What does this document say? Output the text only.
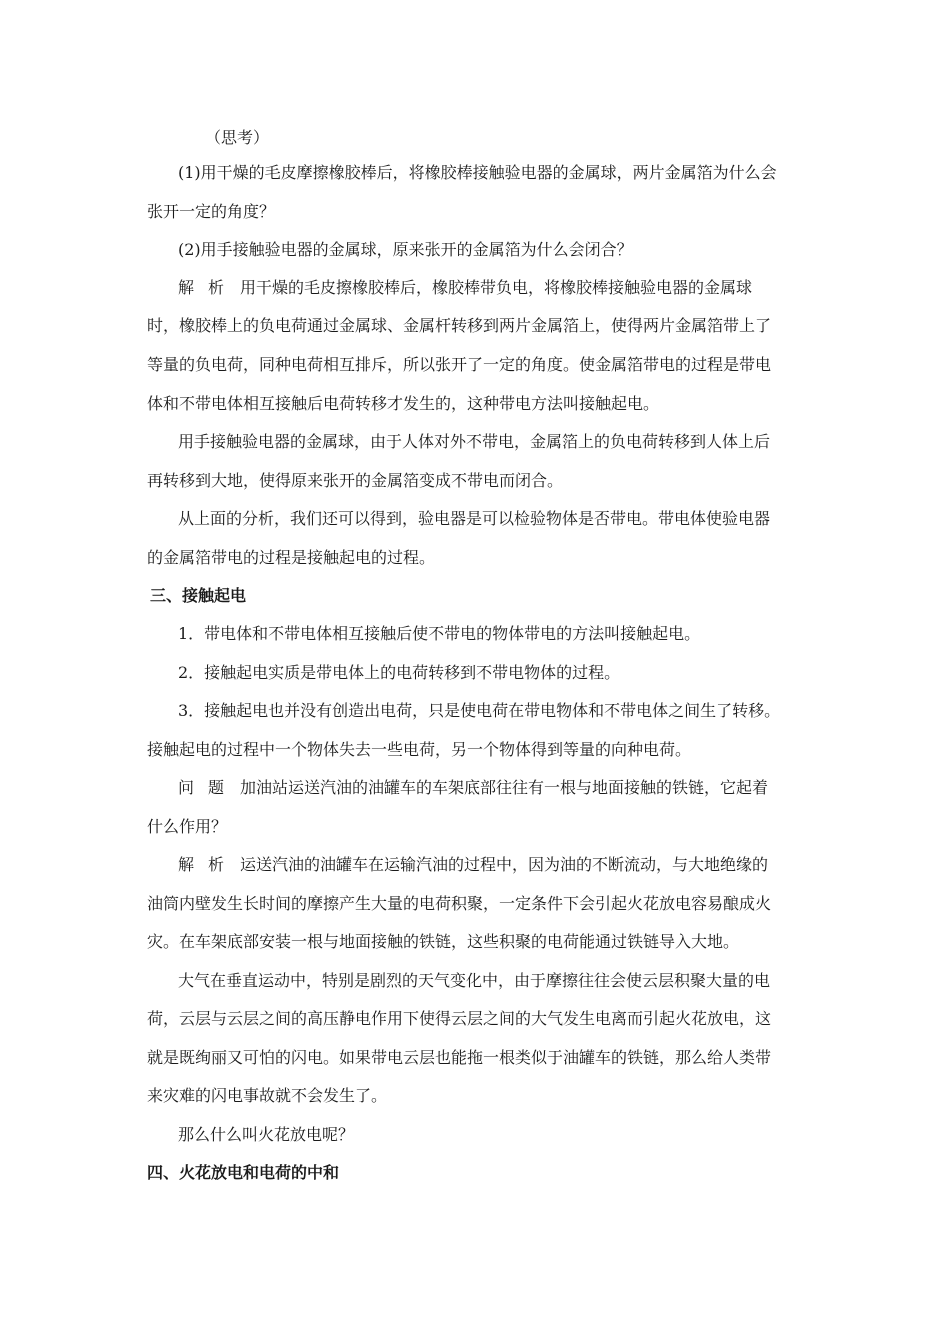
（思考）
(1)用干燥的毛皮摩擦橡胶棒后，将橡胶棒接触验电器的金属球，两片金属箔为什么会
张开一定的角度？
(2)用手接触验电器的金属球，原来张开的金属箔为什么会闭合？
解析 用干燥的毛皮擦橡胶棒后，橡胶棒带负电，将橡胶棒接触验电器的金属球
时，橡胶棒上的负电荷通过金属球、金属杆转移到两片金属箔上，使得两片金属箔带上了
等量的负电荷，同种电荷相互排斥，所以张开了一定的角度。使金属箔带电的过程是带电
体和不带电体相互接触后电荷转移才发生的，这种带电方法叫接触起电。
用手接触验电器的金属球，由于人体对外不带电，金属箔上的负电荷转移到人体上后
再转移到大地，使得原来张开的金属箔变成不带电而闭合。
从上面的分析，我们还可以得到，验电器是可以检验物体是否带电。带电体使验电器
的金属箔带电的过程是接触起电的过程。
三、接触起电
1．带电体和不带电体相互接触后使不带电的物体带电的方法叫接触起电。
2．接触起电实质是带电体上的电荷转移到不带电物体的过程。
3．接触起电也并没有创造出电荷，只是使电荷在带电物体和不带电体之间生了转移。
接触起电的过程中一个物体失去一些电荷，另一个物体得到等量的向种电荷。
问题 加油站运送汽油的油罐车的车架底部往往有一根与地面接触的铁链，它起着
什么作用？
解析 运送汽油的油罐车在运输汽油的过程中，因为油的不断流动，与大地绝缘的
油筒内壁发生长时间的摩擦产生大量的电荷积聚，一定条件下会引起火花放电容易酿成火
灾。在车架底部安装一根与地面接触的铁链，这些积聚的电荷能通过铁链导入大地。
大气在垂直运动中，特别是剧烈的天气变化中，由于摩擦往往会使云层积聚大量的电
荷，云层与云层之间的高压静电作用下使得云层之间的大气发生电离而引起火花放电，这
就是既绚丽又可怕的闪电。如果带电云层也能拖一根类似于油罐车的铁链，那么给人类带
来灾难的闪电事故就不会发生了。
那么什么叫火花放电呢？
四、火花放电和电荷的中和
